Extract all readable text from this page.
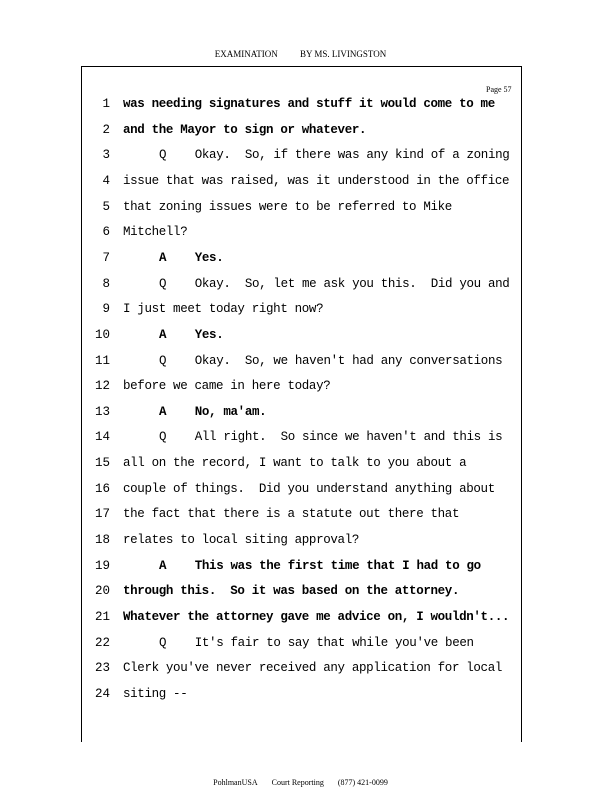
EXAMINATION BY MS. LIVINGSTON
Page 57
1 was needing signatures and stuff it would come to me
2 and the Mayor to sign or whatever.
3	Q    Okay.  So, if there was any kind of a zoning
4 issue that was raised, was it understood in the office
5 that zoning issues were to be referred to Mike
6 Mitchell?
7	A    Yes.
8	Q    Okay.  So, let me ask you this.  Did you and
9 I just meet today right now?
10	A    Yes.
11	Q    Okay.  So, we haven't had any conversations
12 before we came in here today?
13	A    No, ma'am.
14	Q    All right.  So since we haven't and this is
15 all on the record, I want to talk to you about a
16 couple of things.  Did you understand anything about
17 the fact that there is a statute out there that
18 relates to local siting approval?
19	A    This was the first time that I had to go
20 through this.  So it was based on the attorney.
21 Whatever the attorney gave me advice on, I wouldn't...
22	Q    It's fair to say that while you've been
23 Clerk you've never received any application for local
24 siting --
PohlmanUSA Court Reporting (877) 421-0099
